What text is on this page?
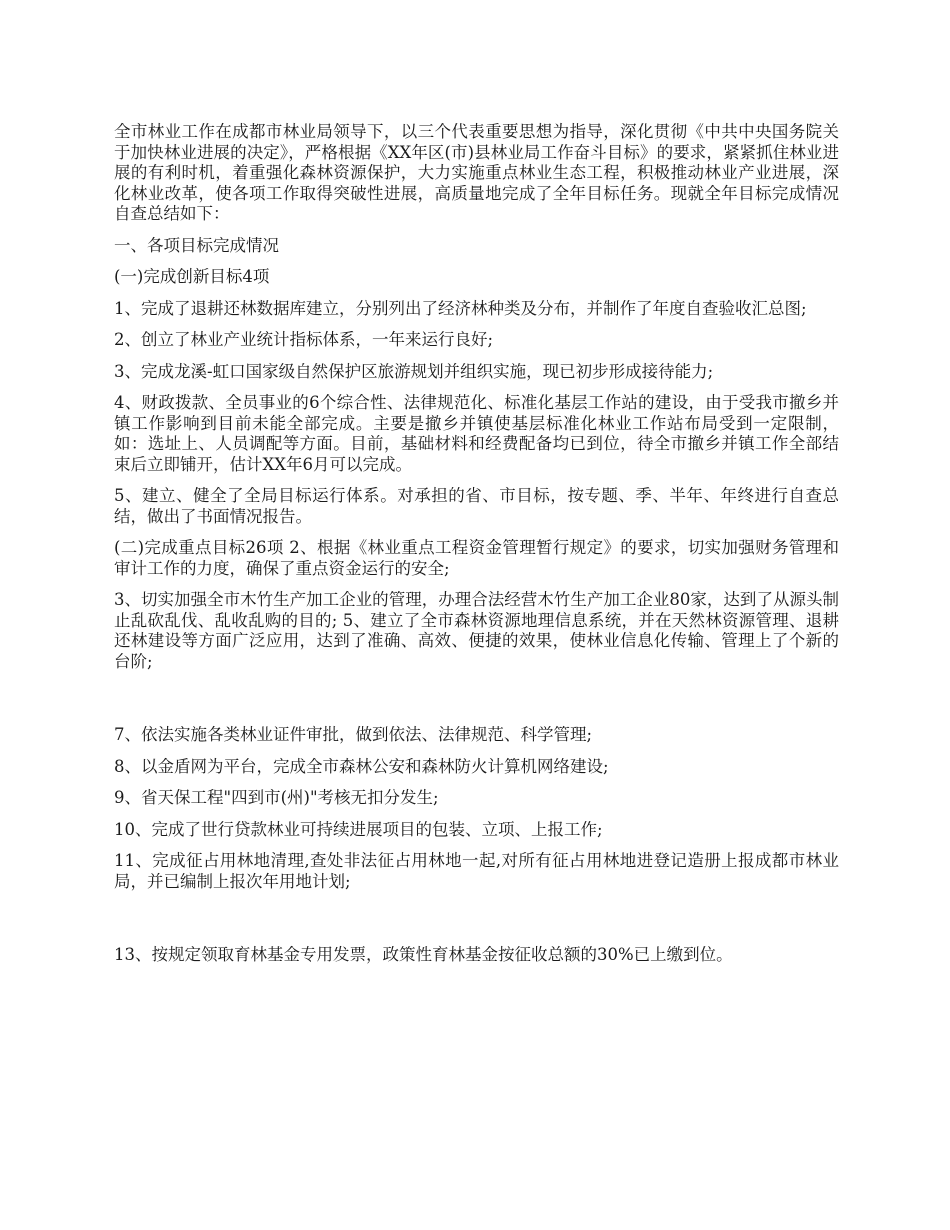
全市林业工作在成都市林业局领导下，以三个代表重要思想为指导，深化贯彻《中共中央国务院关于加快林业进展的决定》，严格根据《XX年区(市)县林业局工作奋斗目标》的要求，紧紧抓住林业进展的有利时机，着重强化森林资源保护，大力实施重点林业生态工程，积极推动林业产业进展，深化林业改革，使各项工作取得突破性进展，高质量地完成了全年目标任务。现就全年目标完成情况自查总结如下：

一、各项目标完成情况

(一)完成创新目标4项

1、完成了退耕还林数据库建立，分别列出了经济林种类及分布，并制作了年度自查验收汇总图;

2、创立了林业产业统计指标体系，一年来运行良好;

3、完成龙溪-虹口国家级自然保护区旅游规划并组织实施，现已初步形成接待能力;

4、财政拨款、全员事业的6个综合性、法律规范化、标准化基层工作站的建设，由于受我市撤乡并镇工作影响到目前未能全部完成。主要是撤乡并镇使基层标准化林业工作站布局受到一定限制，如：选址上、人员调配等方面。目前，基础材料和经费配备均已到位，待全市撤乡并镇工作全部结束后立即铺开，估计XX年6月可以完成。

5、建立、健全了全局目标运行体系。对承担的省、市目标，按专题、季、半年、年终进行自查总结，做出了书面情况报告。

(二)完成重点目标26项 2、根据《林业重点工程资金管理暂行规定》的要求，切实加强财务管理和审计工作的力度，确保了重点资金运行的安全;

3、切实加强全市木竹生产加工企业的管理，办理合法经营木竹生产加工企业80家，达到了从源头制止乱砍乱伐、乱收乱购的目的; 5、建立了全市森林资源地理信息系统，并在天然林资源管理、退耕还林建设等方面广泛应用，达到了准确、高效、便捷的效果，使林业信息化传输、管理上了个新的台阶;

7、依法实施各类林业证件审批，做到依法、法律规范、科学管理;

8、以金盾网为平台，完成全市森林公安和森林防火计算机网络建设;

9、省天保工程"四到市(州)"考核无扣分发生;

10、完成了世行贷款林业可持续进展项目的包装、立项、上报工作;

11、完成征占用林地清理,查处非法征占用林地一起,对所有征占用林地进登记造册上报成都市林业局，并已编制上报次年用地计划;

13、按规定领取育林基金专用发票，政策性育林基金按征收总额的30%已上缴到位。
